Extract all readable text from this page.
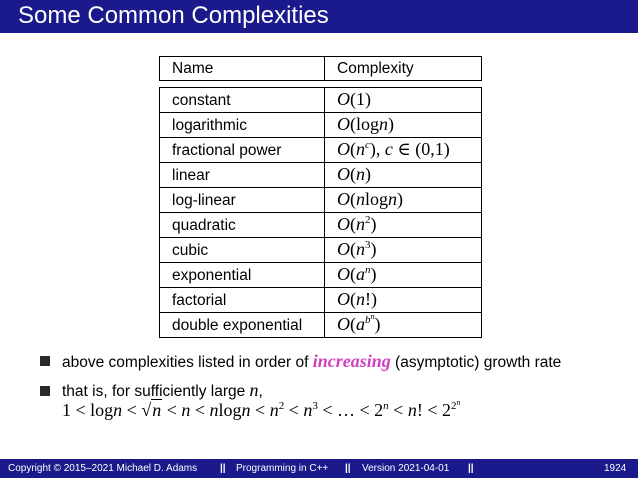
Some Common Complexities
Name	Complexity

constant	O(1)
logarithmic	O(logn)
fractional power	$O(n^c)$, c ∈ (0,1)
linear	O(n)
log-linear	O(nlogn)
quadratic	$O(n^2)$
cubic	$O(n^3)$
exponential	$O(a^n)$
factorial	O(n!)
double exponential	$O(a^{b^n})$
above complexities listed in order of increasing (asymptotic) growth rate
that is, for sufficiently large n,
$1 < \log n < √n < n < nlogn < n^2 < n^3$ < … < $2^n < n$! < $2^{2^n}$
Copyright © 2015–2021 Michael D. Adams || Programming in C++ || Version 2021-04-01 ||	1924
